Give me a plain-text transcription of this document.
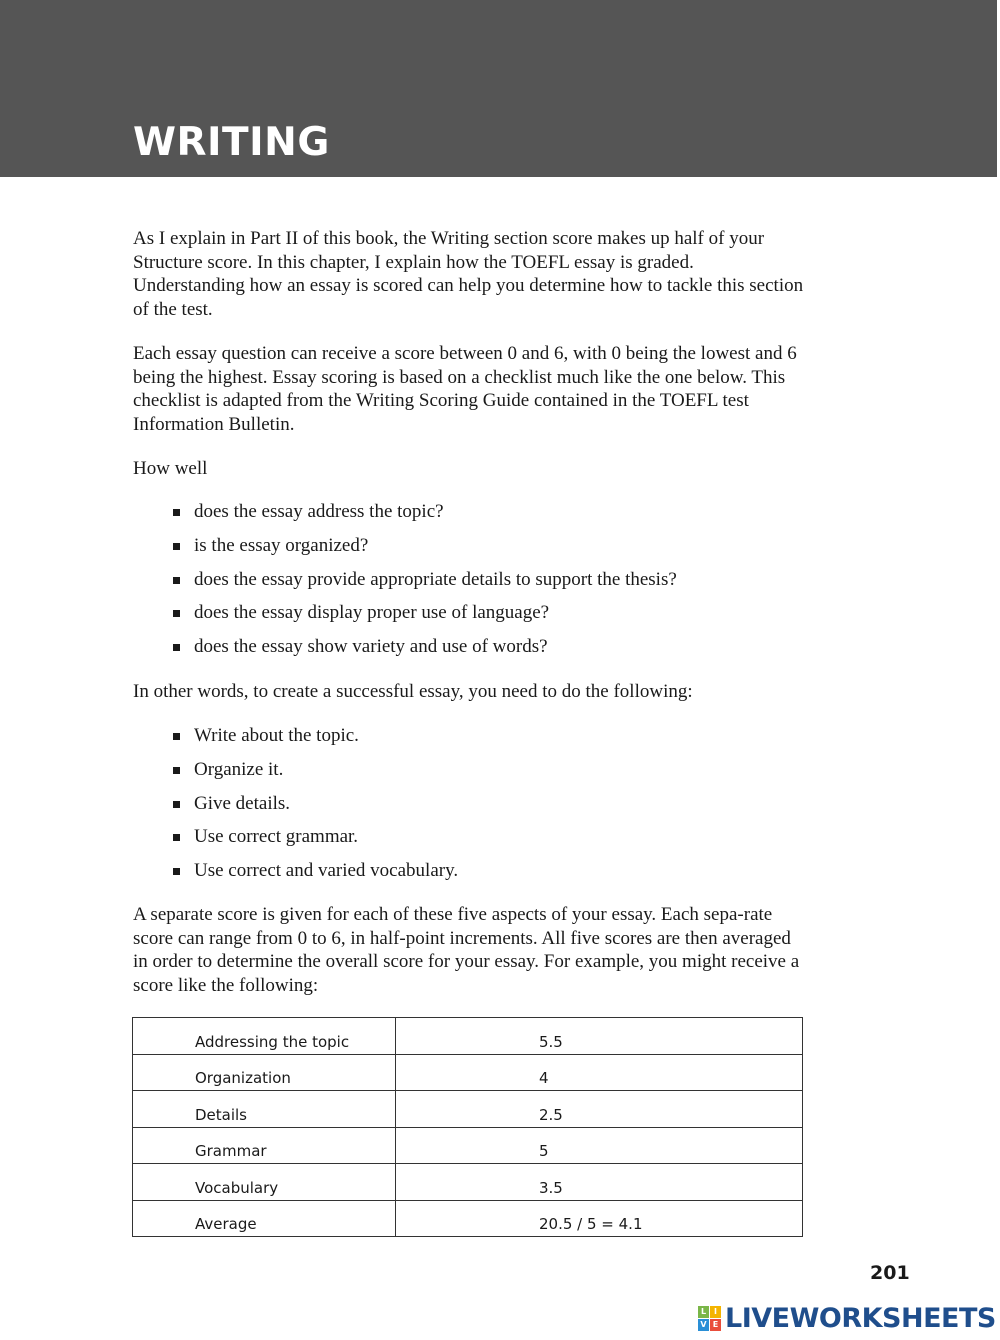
WRITING

As I explain in Part II of this book, the Writing section score makes up half of your Structure score. In this chapter, I explain how the TOEFL essay is graded. Understanding how an essay is scored can help you determine how to tackle this section of the test.

Each essay question can receive a score between 0 and 6, with 0 being the lowest and 6 being the highest. Essay scoring is based on a checklist much like the one below. This checklist is adapted from the Writing Scoring Guide contained in the TOEFL test Information Bulletin.

How well

does the essay address the topic?
is the essay organized?
does the essay provide appropriate details to support the thesis?
does the essay display proper use of language?
does the essay show variety and use of words?

In other words, to create a successful essay, you need to do the following:

Write about the topic.
Organize it.
Give details.
Use correct grammar.
Use correct and varied vocabulary.

A separate score is given for each of these five aspects of your essay. Each sepa-rate score can range from 0 to 6, in half-point increments. All five scores are then averaged in order to determine the overall score for your essay. For example, you might receive a score like the following:

Addressing the topic	5.5
Organization	4
Details	2.5
Grammar	5
Vocabulary	3.5
Average	20.5 / 5 = 4.1
201
L I
V E LIVEWORKSHEETS
